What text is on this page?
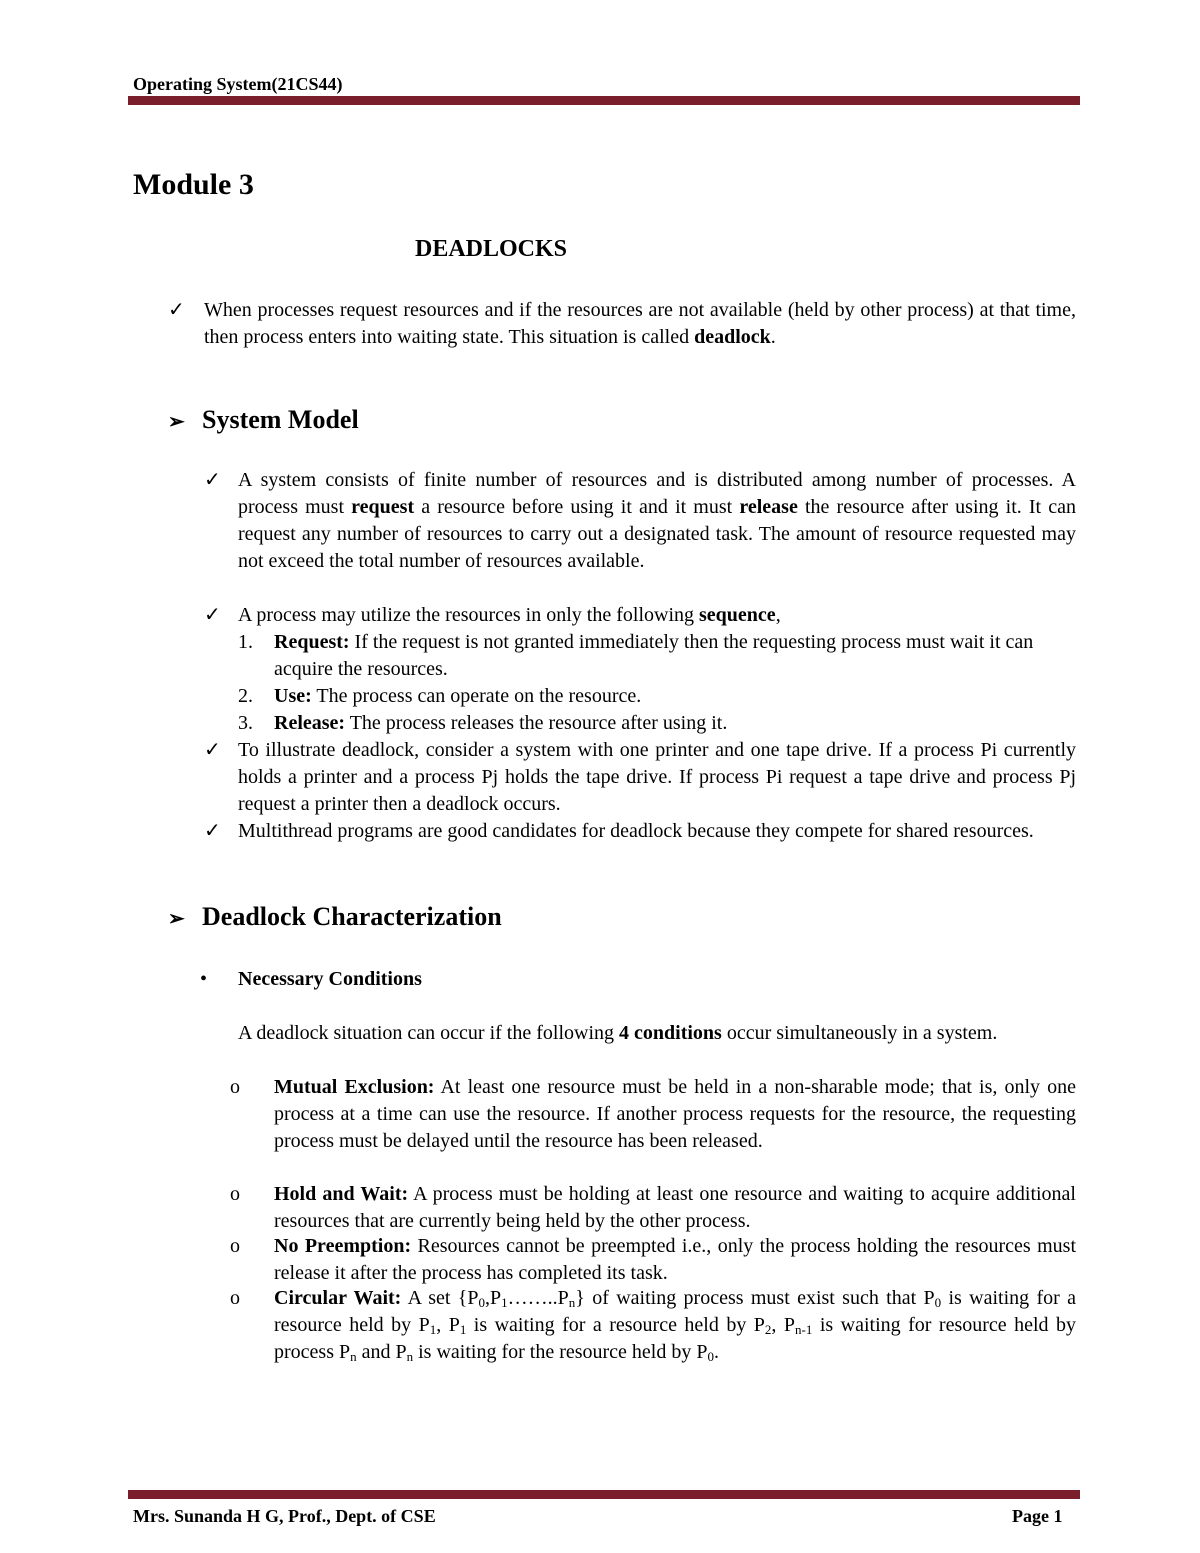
Operating System(21CS44)
Module 3
DEADLOCKS
✓ When processes request resources and if the resources are not available (held by other process) at that time, then process enters into waiting state. This situation is called deadlock.
➢ System Model
✓ A system consists of finite number of resources and is distributed among number of processes. A process must request a resource before using it and it must release the resource after using it. It can request any number of resources to carry out a designated task. The amount of resource requested may not exceed the total number of resources available.
✓ A process may utilize the resources in only the following sequence,
1. Request: If the request is not granted immediately then the requesting process must wait it can acquire the resources.
2. Use: The process can operate on the resource.
3. Release: The process releases the resource after using it.
✓ To illustrate deadlock, consider a system with one printer and one tape drive. If a process Pi currently holds a printer and a process Pj holds the tape drive. If process Pi request a tape drive and process Pj request a printer then a deadlock occurs.
✓ Multithread programs are good candidates for deadlock because they compete for shared resources.
➢ Deadlock Characterization
• Necessary Conditions
A deadlock situation can occur if the following 4 conditions occur simultaneously in a system.
o Mutual Exclusion: At least one resource must be held in a non-sharable mode; that is, only one process at a time can use the resource. If another process requests for the resource, the requesting process must be delayed until the resource has been released.
o Hold and Wait: A process must be holding at least one resource and waiting to acquire additional resources that are currently being held by the other process.
o No Preemption: Resources cannot be preempted i.e., only the process holding the resources must release it after the process has completed its task.
o Circular Wait: A set $\{P_0,P_1\dots\dots..P_n\}$ of waiting process must exist such that $P_0$ is waiting for a resource held by $P_1$, $P_1$ is waiting for a resource held by $P_2$, $P_{n-1}$ is waiting for resource held by process $P_n$ and $P_n$ is waiting for the resource held by $P_0$.
Mrs. Sunanda H G, Prof., Dept. of CSE	Page 1
